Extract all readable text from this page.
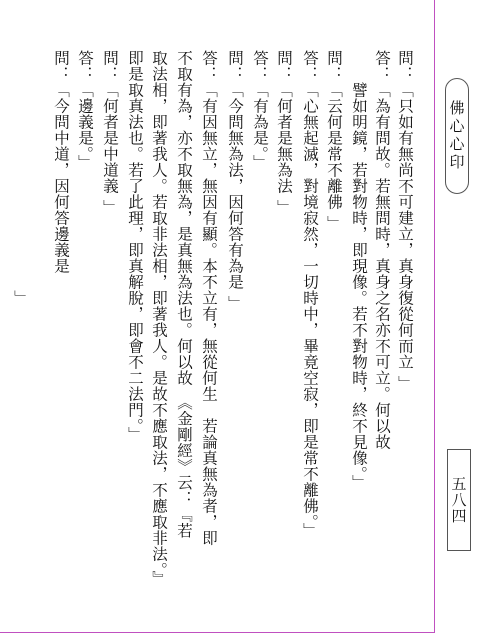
問：「只如有無尚不可建立，真身復從何而立 」
答：「為有問故。若無問時，真身之名亦不可立。何以故
　　譬如明鏡，若對物時，即現像。若不對物時，終不見像。」
問：「云何是常不離佛 」
答：「心無起滅，對境寂然，一切時中，畢竟空寂，即是常不離佛。」
問：「何者是無為法 」
答：「有為是。」
問：「今問無為法，因何答有為是 」
答：「有因無立，無因有顯。本不立有，無從何生　若論真無為者，即
不取有為，亦不取無為，是真無為法也。何以故　《金剛經》云：『若
取法相，即著我人。若取非法相，即著我人。是故不應取法，不應取非法。』
即是取真法也。若了此理，即真解脫，即會不二法門。」
問：「何者是中道義 」
答：「邊義是。」
問：「今問中道，因何答邊義是
　　　　　　　　　　　　　　　」	佛心心印
五八四
